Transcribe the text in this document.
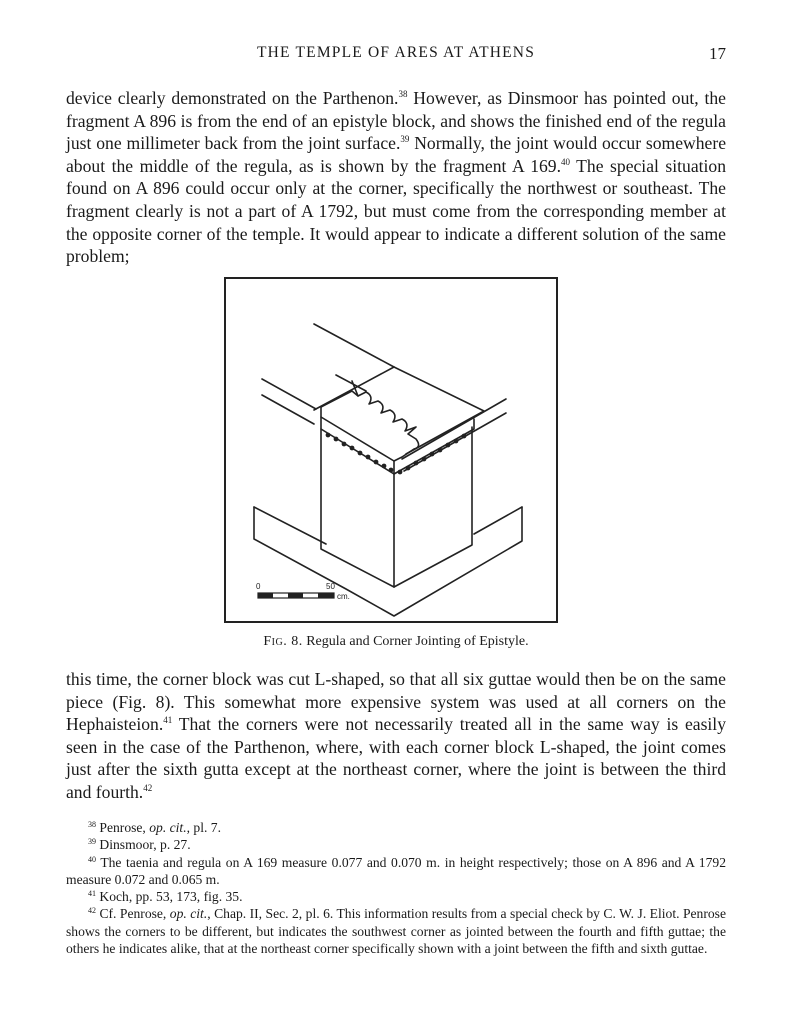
THE TEMPLE OF ARES AT ATHENS	17
device clearly demonstrated on the Parthenon.$^{38}$ However, as Dinsmoor has pointed out, the fragment A 896 is from the end of an epistyle block, and shows the finished end of the regula just one millimeter back from the joint surface.$^{39}$ Normally, the joint would occur somewhere about the middle of the regula, as is shown by the fragment A 169.40 The special situation found on A 896 could occur only at the corner, specifically the northwest or southeast. The fragment clearly is not a part of A 1792, but must come from the corresponding member at the opposite corner of the temple. It would appear to indicate a different solution of the same problem;
0	50
cm.
Fig. 8. Regula and Corner Jointing of Epistyle.
this time, the corner block was cut L-shaped, so that all six guttae would then be on the same piece (Fig. 8). This somewhat more expensive system was used at all corners on the Hephaisteion.$^{41}$ That the corners were not necessarily treated all in the same way is easily seen in the case of the Parthenon, where, with each corner block L-shaped, the joint comes just after the sixth gutta except at the northeast corner, where the joint is between the third and fourth.$^{42}$
$^{38}$ Penrose, op. cit., pl. 7.
$^{39}$ Dinsmoor, p. 27.
$^{40}$ The taenia and regula on A 169 measure 0.077 and 0.070 m. in height respectively; those on A 896 and A 1792 measure 0.072 and 0.065 m.
$^{41}$ Koch, pp. 53, 173, fig. 35.
$^{42}$ Cf. Penrose, op. cit., Chap. II, Sec. 2, pl. 6. This information results from a special check by C. W. J. Eliot. Penrose shows the corners to be different, but indicates the southwest corner as jointed between the fourth and fifth guttae; the others he indicates alike, that at the northeast corner specifically shown with a joint between the fifth and sixth guttae.
